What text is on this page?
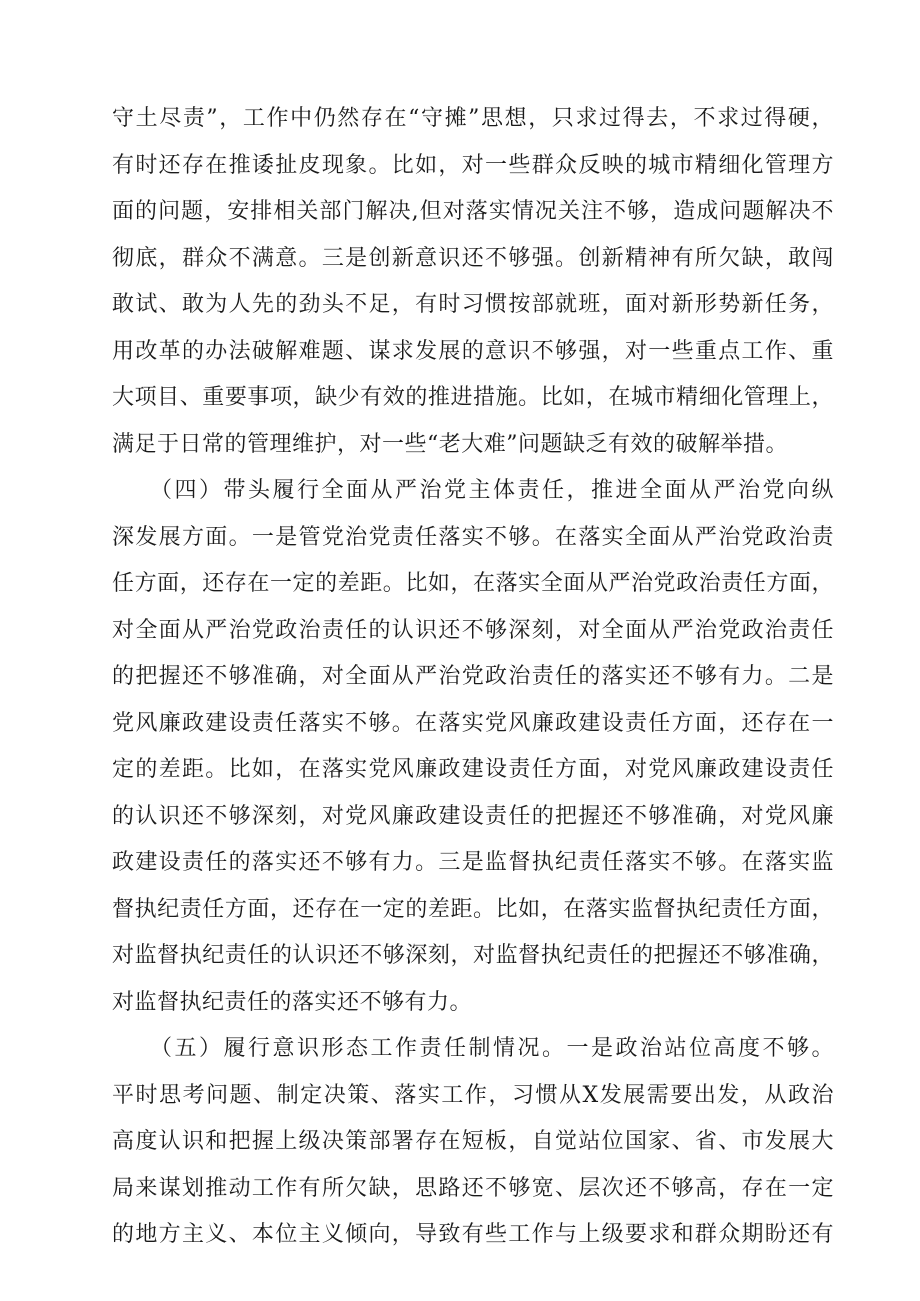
守土尽责”，工作中仍然存在“守摊”思想，只求过得去，不求过得硬，
有时还存在推诿扯皮现象。比如，对一些群众反映的城市精细化管理方
面的问题，安排相关部门解决,但对落实情况关注不够，造成问题解决不
彻底，群众不满意。三是创新意识还不够强。创新精神有所欠缺，敢闯
敢试、敢为人先的劲头不足，有时习惯按部就班，面对新形势新任务，
用改革的办法破解难题、谋求发展的意识不够强，对一些重点工作、重
大项目、重要事项，缺少有效的推进措施。比如，在城市精细化管理上，
满足于日常的管理维护，对一些“老大难”问题缺乏有效的破解举措。
　　（四）带头履行全面从严治党主体责任，推进全面从严治党向纵
深发展方面。一是管党治党责任落实不够。在落实全面从严治党政治责
任方面，还存在一定的差距。比如，在落实全面从严治党政治责任方面，
对全面从严治党政治责任的认识还不够深刻，对全面从严治党政治责任
的把握还不够准确，对全面从严治党政治责任的落实还不够有力。二是
党风廉政建设责任落实不够。在落实党风廉政建设责任方面，还存在一
定的差距。比如，在落实党风廉政建设责任方面，对党风廉政建设责任
的认识还不够深刻，对党风廉政建设责任的把握还不够准确，对党风廉
政建设责任的落实还不够有力。三是监督执纪责任落实不够。在落实监
督执纪责任方面，还存在一定的差距。比如，在落实监督执纪责任方面，
对监督执纪责任的认识还不够深刻，对监督执纪责任的把握还不够准确，
对监督执纪责任的落实还不够有力。
　　（五）履行意识形态工作责任制情况。一是政治站位高度不够。
平时思考问题、制定决策、落实工作，习惯从X发展需要出发，从政治
高度认识和把握上级决策部署存在短板，自觉站位国家、省、市发展大
局来谋划推动工作有所欠缺，思路还不够宽、层次还不够高，存在一定
的地方主义、本位主义倾向，导致有些工作与上级要求和群众期盼还有
